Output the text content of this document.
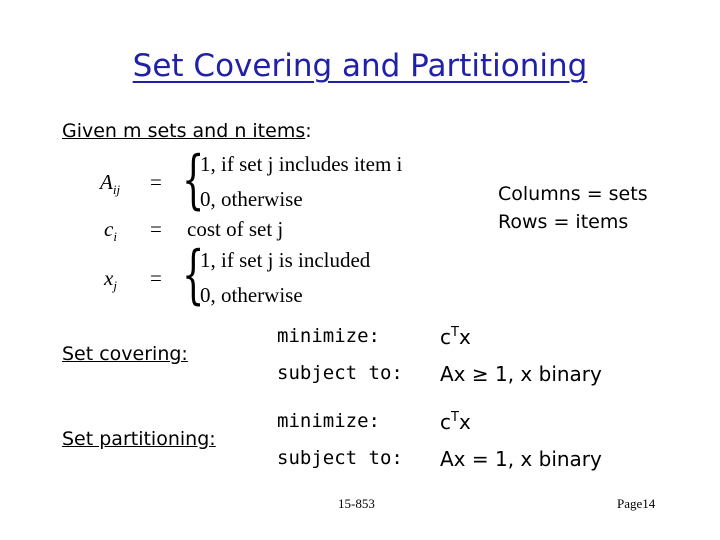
Set Covering and Partitioning
Given m sets and n items:
$A_{ij}$ = {
1, if set j includes item i
0, otherwise
$c_i = \cos t$ of set j
$x_j$ = {
1, if set j is included
0, otherwise
Columns = sets
Rows = items
Set covering:
minimize:	$c^Tx$
subject to: Ax ≥ 1, x binary
Set partitioning:
minimize:	$c^Tx$
subject to: Ax = 1, x binary
15-853	Page14
